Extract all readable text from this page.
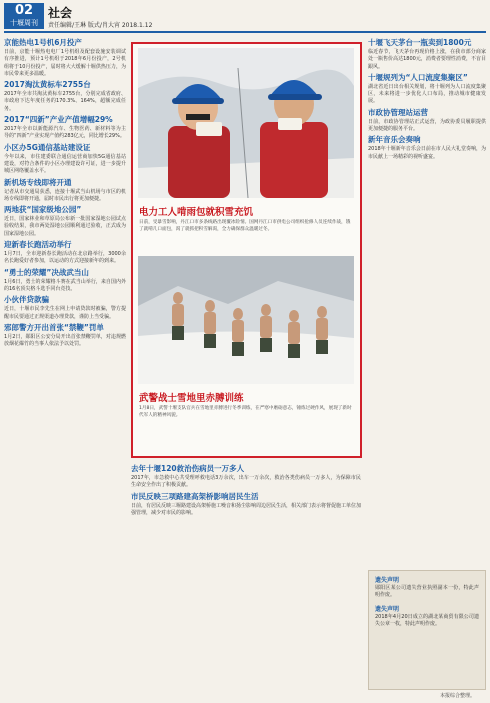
02
十堰周刊
社会
责任编辑/王琳 版式/肖大宵 2018.1.12
京能热电1号机6月投产
日前，京能十堰热电电厂1号机组及配套设施安装调试有序推进，预计1号机组于2018年6月份投产，2号机组将于10月份投产，届时将大大缓解十堰供热压力，为市民带来更多温暖。
2017淘汰黄标车2755台
2017年全市共淘汰黄标车2755台，分别完成省政府、市政府下达年度任务的170.3%、164%，超额完成任务。
2017“四新”产业产值增幅29%
2017年全市以新能源汽车、生物医药、新材料等为主导的“四新”产业实现产值约283亿元，同比增长29%。
小区办5G通信基站建设证
今年以来，市住建委联合通信运营商加快5G通信基站建设，对符合条件的小区办理建设许可证，进一步提升城区网络覆盖水平。
新机场专线即将开通
记者从市交通局获悉，连接十堰武当山机场与市区的机场专线即将开通，届时市民出行将更加便捷。
两地获“国家级地公园”
近日，国家林业和草原局公布新一批国家湿地公园试点验收结果，我市两处湿地公园顺利通过验收，正式成为国家湿地公园。
迎新春长跑活动举行
1月7日，全市迎新春长跑活动在北京路举行，3000余名长跑爱好者参加，以运动的方式迎接新年的到来。
“勇士的荣耀”决战武当山
1月6日，勇士的荣耀格斗赛在武当山举行，来自国内外的16名顶尖格斗选手同台竞技。
小伙伴贷款骗
近日，十堰市民李先生在网上申请贷款时被骗，警方提醒市民要通过正规渠道办理贷款，谨防上当受骗。
邪郎警方开出首张“禁鞭”罚单
1月2日，郧阳区公安分局开出首张禁鞭罚单，对违规燃放烟花爆竹的当事人依法予以处罚。
电力工人啃雨包就积雪充饥
日前，受暴雪影响，丹江口市多条线路出现覆冰险情。国网丹江口市供电公司组织抢修人员连续作战，饿了就啃几口面包，渴了就抓把积雪解渴，全力确保群众温暖过冬。
武警战士雪地里赤膊训练
1月8日，武警十堰支队官兵在雪地里赤膊进行冬季训练，在严寒中磨砺意志，锤炼过硬作风，展现了新时代军人的精神风貌。
去年十堰120救治伤病员一万多人
2017年，市急救中心共受理呼救电话3万余次，出车一万余次，救治各类伤病员一万多人，为保障市民生命安全作出了积极贡献。
市民反映三项路建高架桥影响居民生活
日前，有居民反映三堰路建设高架桥施工噪音和扬尘影响周边居民生活，相关部门表示将督促施工单位加强管理，减少对市民的影响。
十堰飞天茅台一瓶卖到1800元
临近春节，飞天茅台再现价格上涨，在我市部分商家处一瓶售价高达1800元，消费者要理性消费，不盲目跟风。
十堰规列为“人口流度集聚区”
湖北省近日出台相关规划，将十堰列为人口流度集聚区，未来将进一步优化人口布局，推动城市健康发展。
市政协管理站运营
日前，市政协管理站正式运营，为政协委员履职提供更加便捷的服务平台。
新年音乐会奏响
2018年十堰新年音乐会日前在市人民大礼堂奏响，为市民献上一场精彩的视听盛宴。
遗失声明
郧阳区某公司遗失营业执照副本一份，特此声明作废。
遗失声明
2018年4月20日成立的湖北某商贸有限公司遗失公章一枚，特此声明作废。
本报综合整理。
